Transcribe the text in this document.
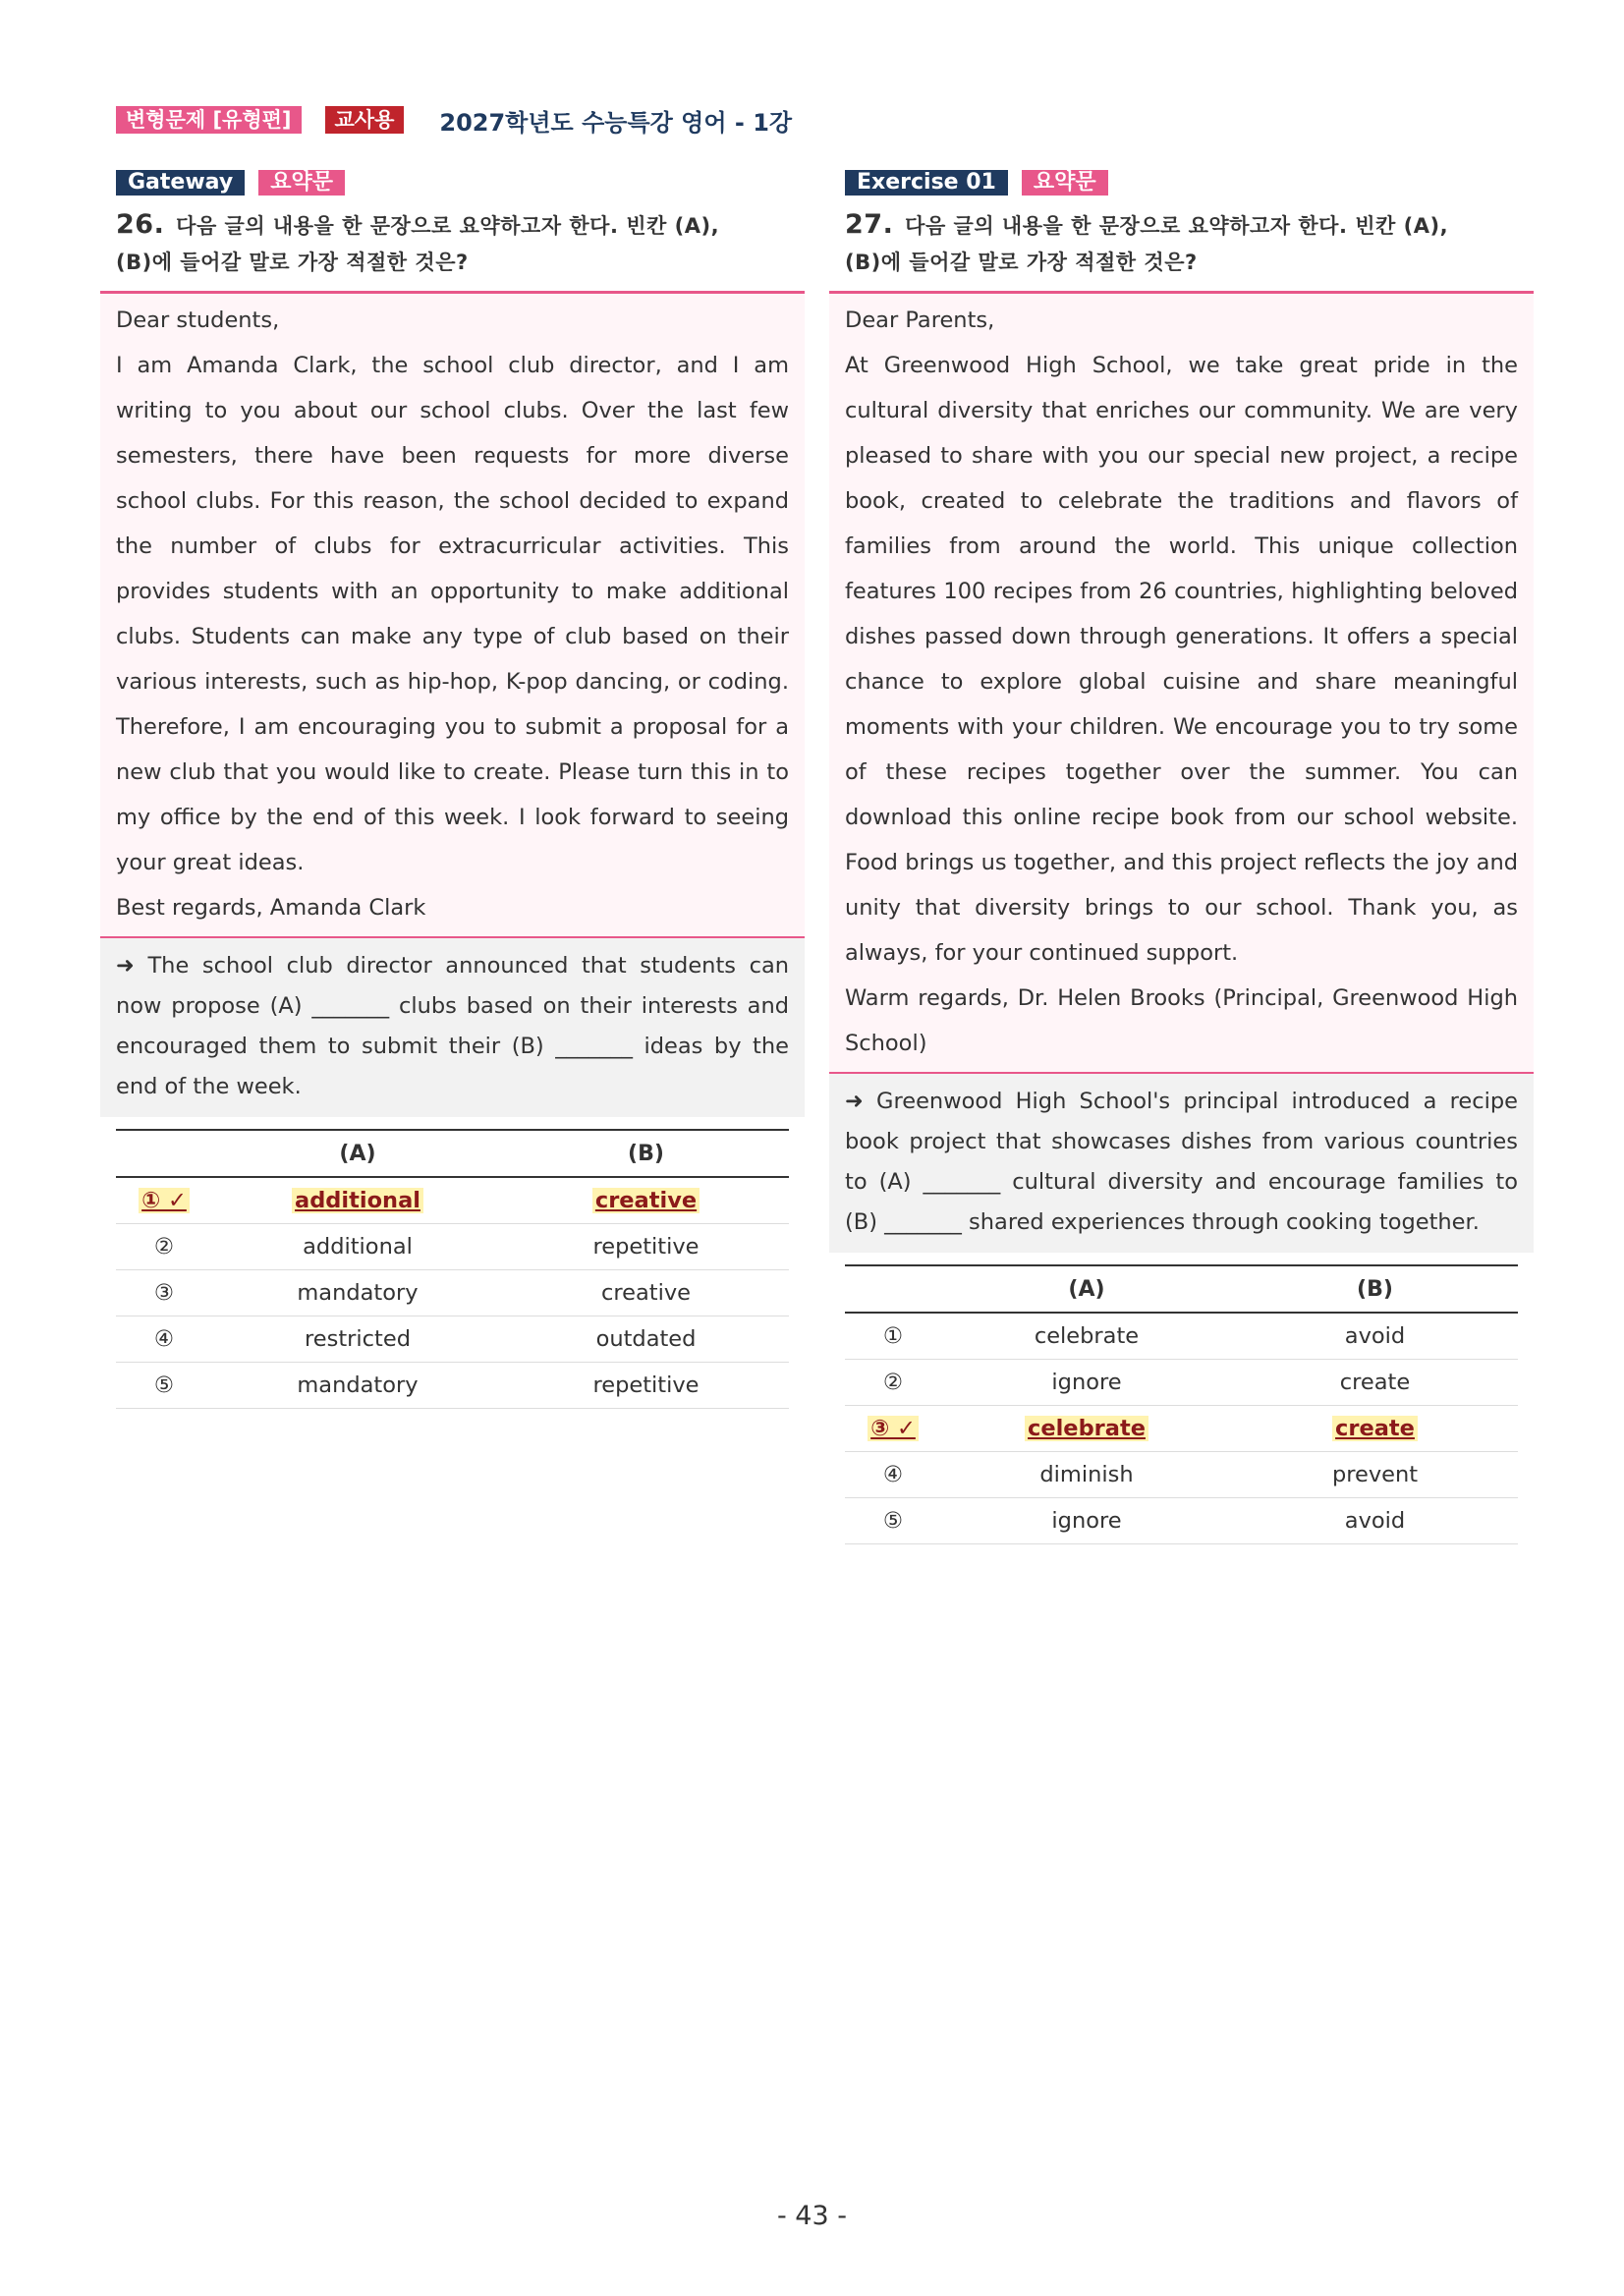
변형문제 [유형편]	교사용	2027학년도 수능특강 영어 - 1강
Gateway	요약문
26. 다음 글의 내용을 한 문장으로 요약하고자 한다. 빈칸 (A),
(B)에 들어갈 말로 가장 적절한 것은?

Dear students,

I am Amanda Clark, the school club director, and I am writing to you about our school clubs. Over the last few semesters, there have been requests for more diverse school clubs. For this reason, the school decided to expand the number of clubs for extracurricular activities. This provides students with an opportunity to make additional clubs. Students can make any type of club based on their various interests, such as hip-hop, K-pop dancing, or coding. Therefore, I am encouraging you to submit a proposal for a new club that you would like to create. Please turn this in to my office by the end of this week. I look forward to seeing your great ideas.

Best regards, Amanda Clark

➜ The school club director announced that students can now propose (A) _______ clubs based on their interests and encouraged them to submit their (B) _______ ideas by the end of the week.
	(A)	(B)
① ✓	additional	creative
②	additional	repetitive
③	mandatory	creative
④	restricted	outdated
⑤	mandatory	repetitive
Exercise 01	요약문
27. 다음 글의 내용을 한 문장으로 요약하고자 한다. 빈칸 (A),
(B)에 들어갈 말로 가장 적절한 것은?

Dear Parents,

At Greenwood High School, we take great pride in the cultural diversity that enriches our community. We are very pleased to share with you our special new project, a recipe book, created to celebrate the traditions and flavors of families from around the world. This unique collection features 100 recipes from 26 countries, highlighting beloved dishes passed down through generations. It offers a special chance to explore global cuisine and share meaningful moments with your children. We encourage you to try some of these recipes together over the summer. You can download this online recipe book from our school website. Food brings us together, and this project reflects the joy and unity that diversity brings to our school. Thank you, as always, for your continued support.

Warm regards, Dr. Helen Brooks (Principal, Greenwood High School)

➜ Greenwood High School's principal introduced a recipe book project that showcases dishes from various countries to (A) _______ cultural diversity and encourage families to (B) _______ shared experiences through cooking together.
	(A)	(B)
①	celebrate	avoid
②	ignore	create
③ ✓	celebrate	create
④	diminish	prevent
⑤	ignore	avoid
- 43 -
